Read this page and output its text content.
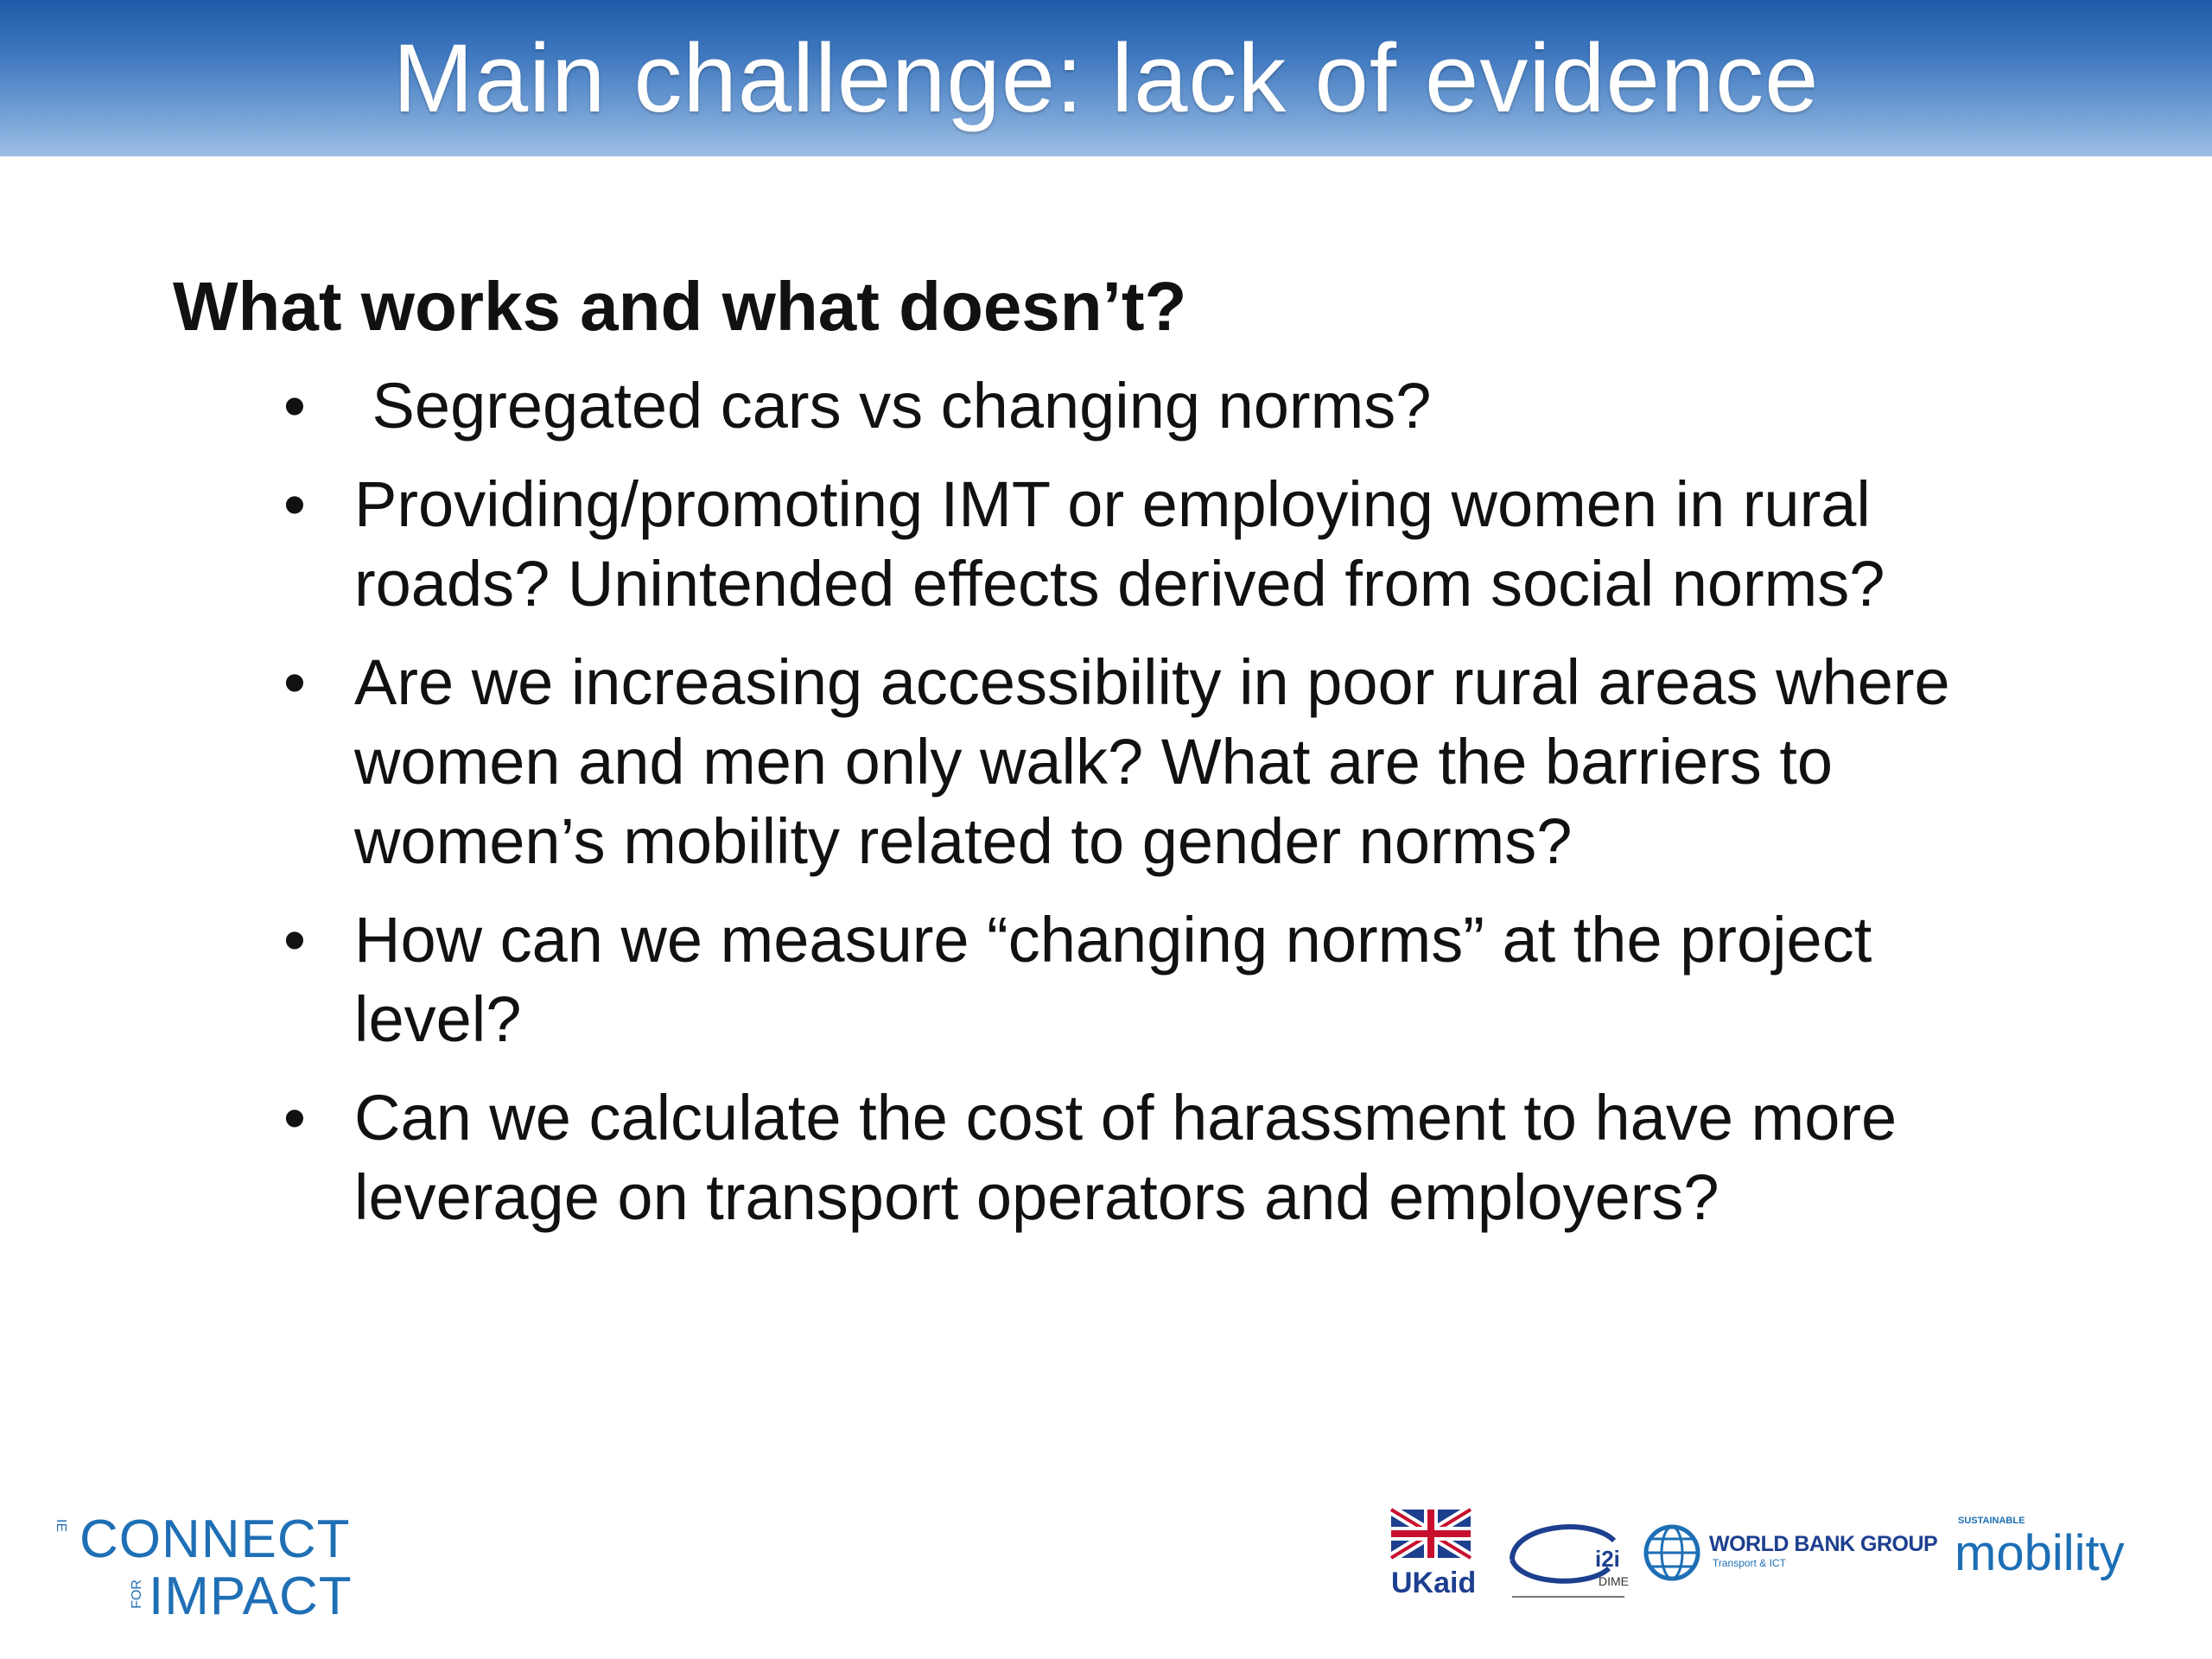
Main challenge: lack of evidence
What works and what doesn’t?
• Segregated cars vs changing norms?
• Providing/promoting IMT or employing women in rural roads? Unintended effects derived from social norms?
• Are we increasing accessibility in poor rural areas where women and men only walk? What are the barriers to women’s mobility related to gender norms?
• How can we measure “changing norms” at the project level?
• Can we calculate the cost of harassment to have more leverage on transport operators and employers?
IE CONNECT
FOR IMPACT	UKaid
i2i
DIME
WORLD BANK GROUP
Transport & ICT
SUSTAINABLE
mobility
